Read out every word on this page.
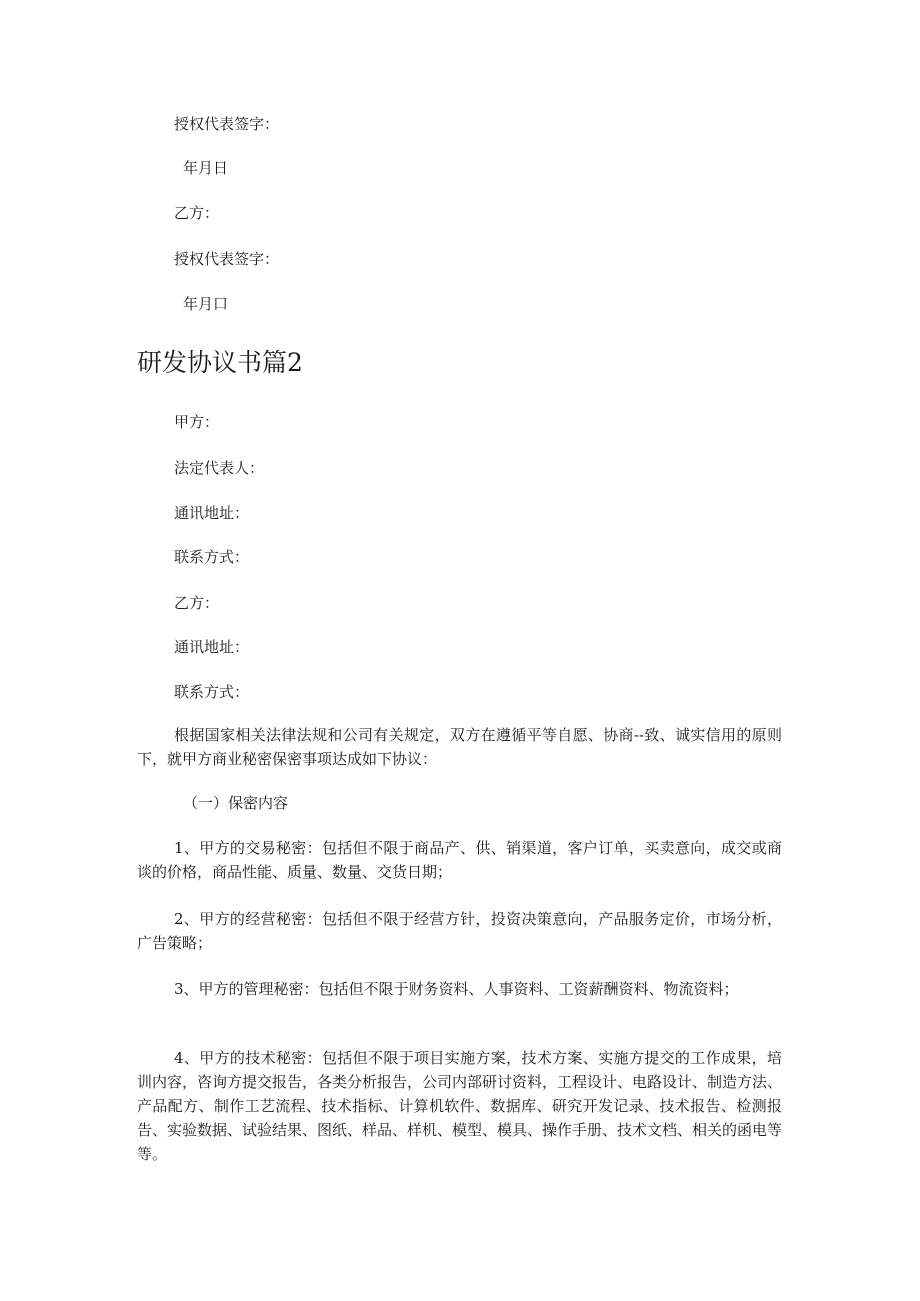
授权代表签字：
年月日
乙方：
授权代表签字：
年月口
研发协议书篇2
甲方：
法定代表人：
通讯地址：
联系方式：
乙方：
通讯地址：
联系方式：
根据国家相关法律法规和公司有关规定，双方在遵循平等自愿、协商--致、诚实信用的原则下，就甲方商业秘密保密事项达成如下协议：
（一）保密内容
1、甲方的交易秘密：包括但不限于商品产、供、销渠道，客户订单，买卖意向，成交或商谈的价格，商品性能、质量、数量、交货日期；
2、甲方的经营秘密：包括但不限于经营方针，投资决策意向，产品服务定价，市场分析，广告策略；
3、甲方的管理秘密：包括但不限于财务资料、人事资料、工资薪酬资料、物流资料；
4、甲方的技术秘密：包括但不限于项目实施方案，技术方案、实施方提交的工作成果，培训内容，咨询方提交报告，各类分析报告，公司内部研讨资料，工程设计、电路设计、制造方法、产品配方、制作工艺流程、技术指标、计算机软件、数据库、研究开发记录、技术报告、检测报告、实验数据、试验结果、图纸、样品、样机、模型、模具、操作手册、技术文档、相关的函电等等。
